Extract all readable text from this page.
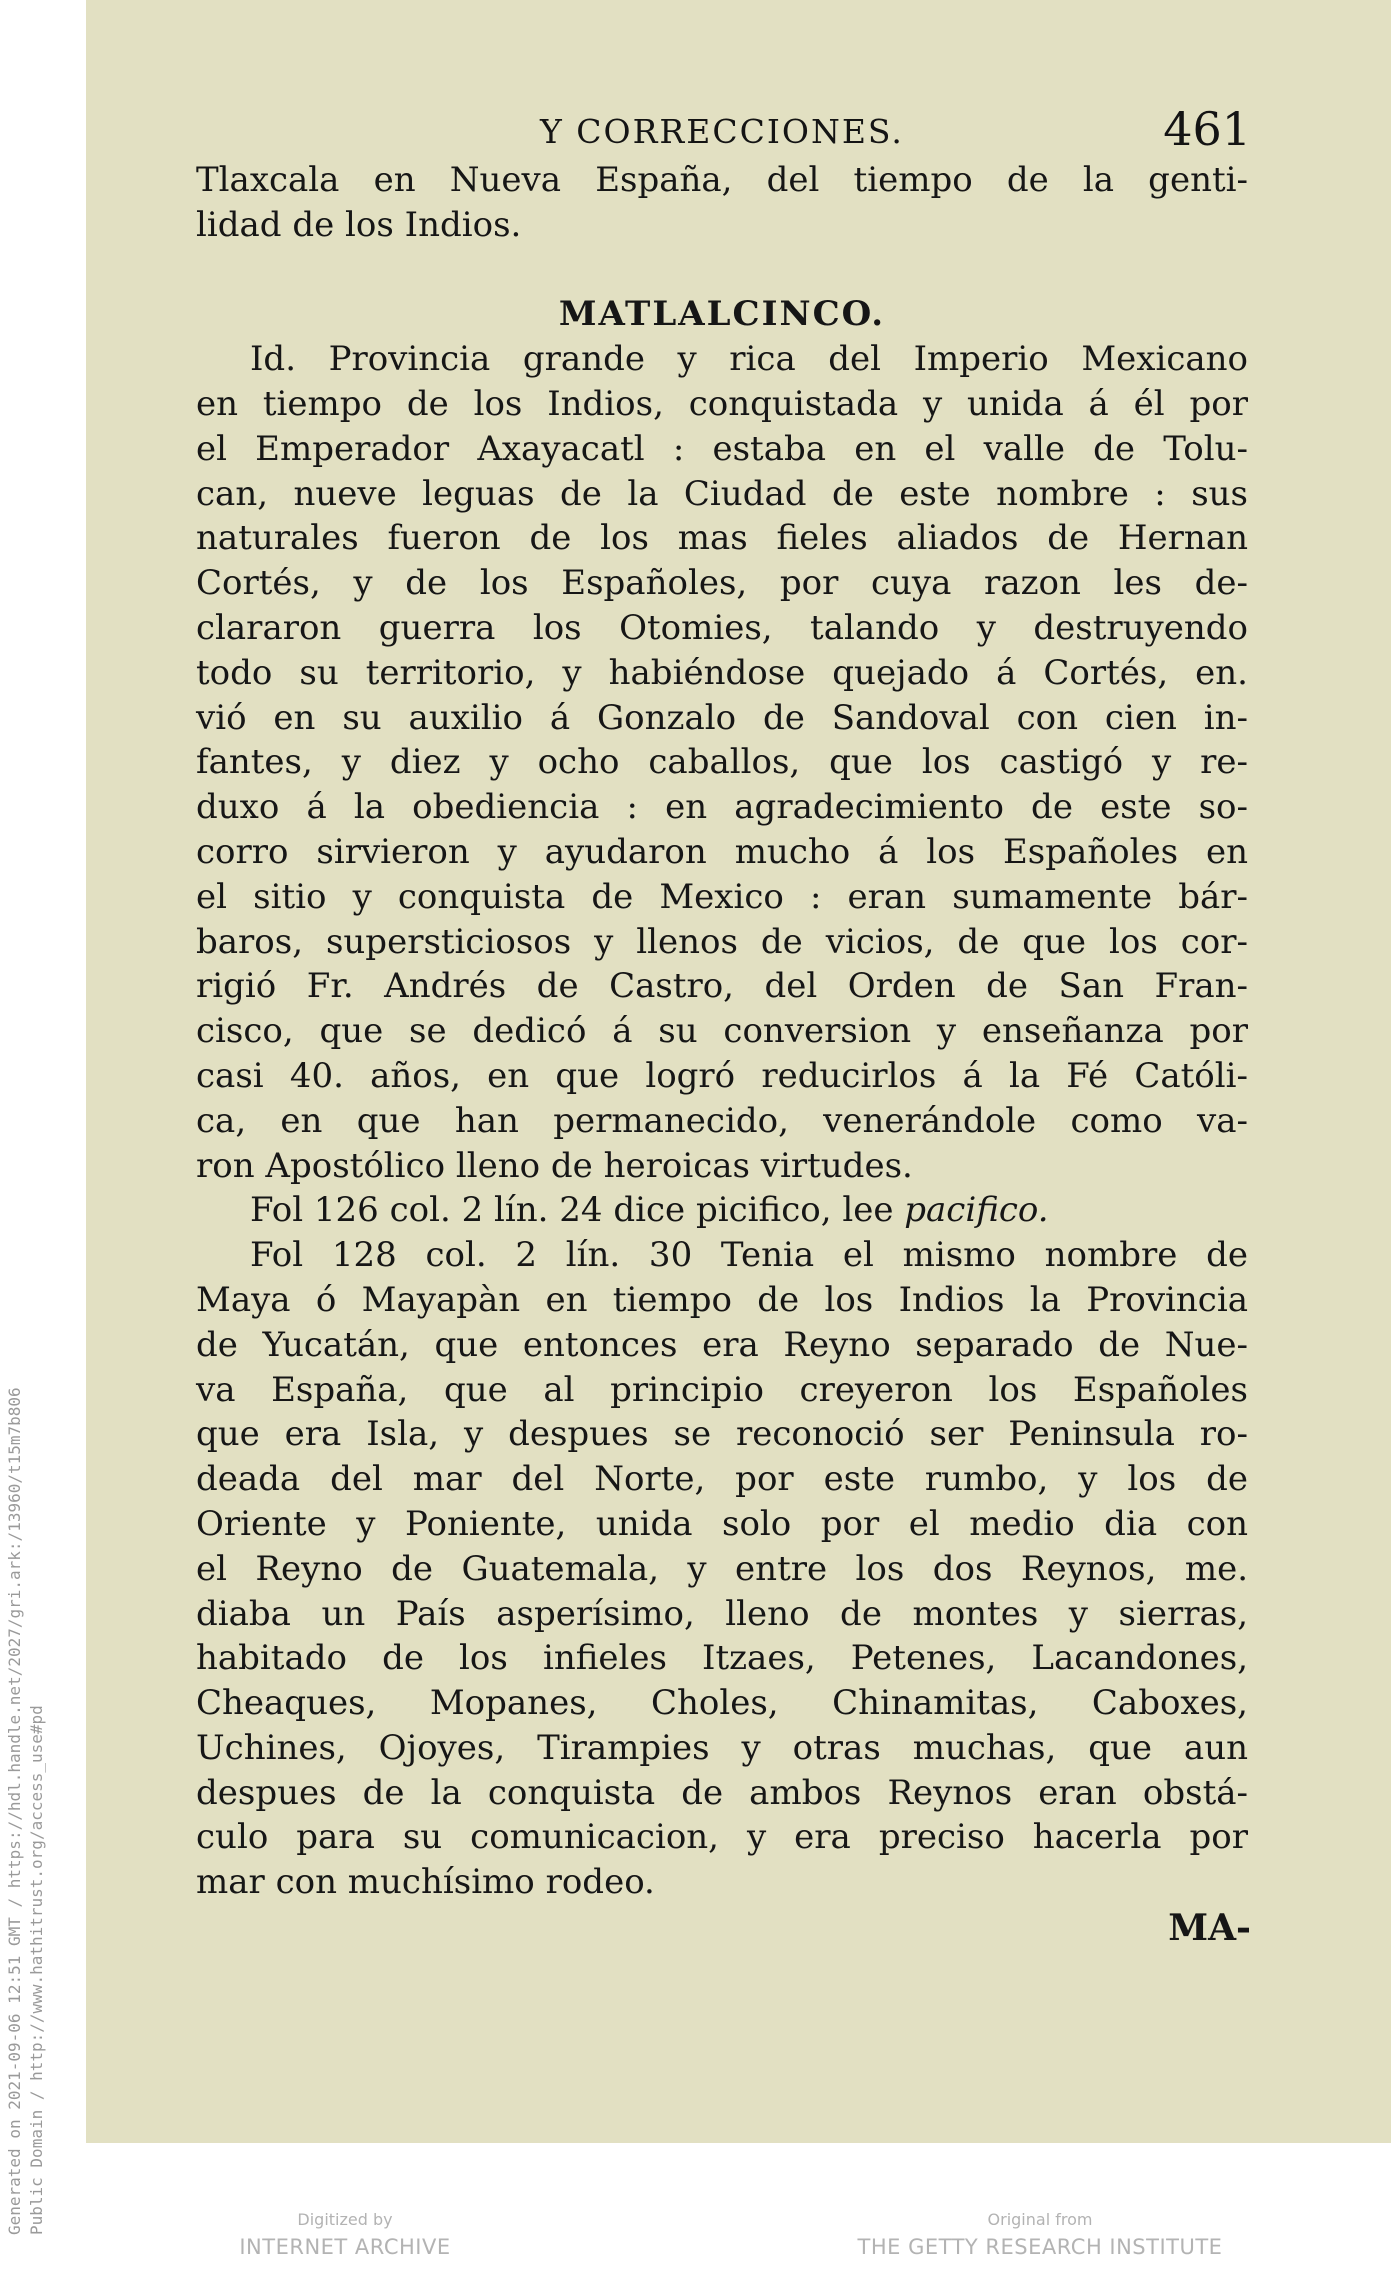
Generated on 2021-09-06 12:51 GMT / https://hdl.handle.net/2027/gri.ark:/13960/t15m7b806 Public Domain / http://www.hathitrust.org/access_use#pd
Y CORRECCIONES.	461
Tlaxcala en Nueva España, del tiempo de la genti-
lidad de los Indios.
MATLALCINCO.
Id. Provincia grande y rica del Imperio Mexicano
en tiempo de los Indios, conquistada y unida á él por
el Emperador Axayacatl : estaba en el valle de Tolu-
can, nueve leguas de la Ciudad de este nombre : sus
naturales fueron de los mas fieles aliados de Hernan
Cortés, y de los Españoles, por cuya razon les de-
clararon guerra los Otomies, talando y destruyendo
todo su territorio, y habiéndose quejado á Cortés, en.
vió en su auxilio á Gonzalo de Sandoval con cien in-
fantes, y diez y ocho caballos, que los castigó y re-
duxo á la obediencia : en agradecimiento de este so-
corro sirvieron y ayudaron mucho á los Españoles en
el sitio y conquista de Mexico : eran sumamente bár-
baros, supersticiosos y llenos de vicios, de que los cor-
rigió Fr. Andrés de Castro, del Orden de San Fran-
cisco, que se dedicó á su conversion y enseñanza por
casi 40. años, en que logró reducirlos á la Fé Católi-
ca, en que han permanecido, venerándole como va-
ron Apostólico lleno de heroicas virtudes.
Fol 126 col. 2 lín. 24 dice picifico, lee pacifico.
Fol 128 col. 2 lín. 30 Tenia el mismo nombre de
Maya ó Mayapàn en tiempo de los Indios la Provincia
de Yucatán, que entonces era Reyno separado de Nue-
va España, que al principio creyeron los Españoles
que era Isla, y despues se reconoció ser Peninsula ro-
deada del mar del Norte, por este rumbo, y los de
Oriente y Poniente, unida solo por el medio dia con
el Reyno de Guatemala, y entre los dos Reynos, me.
diaba un País asperísimo, lleno de montes y sierras,
habitado de los infieles Itzaes, Petenes, Lacandones,
Cheaques, Mopanes, Choles, Chinamitas, Caboxes,
Uchines, Ojoyes, Tirampies y otras muchas, que aun
despues de la conquista de ambos Reynos eran obstá-
culo para su comunicacion, y era preciso hacerla por
mar con muchísimo rodeo.
MA-
Digitized by
INTERNET ARCHIVE
Original from
THE GETTY RESEARCH INSTITUTE
